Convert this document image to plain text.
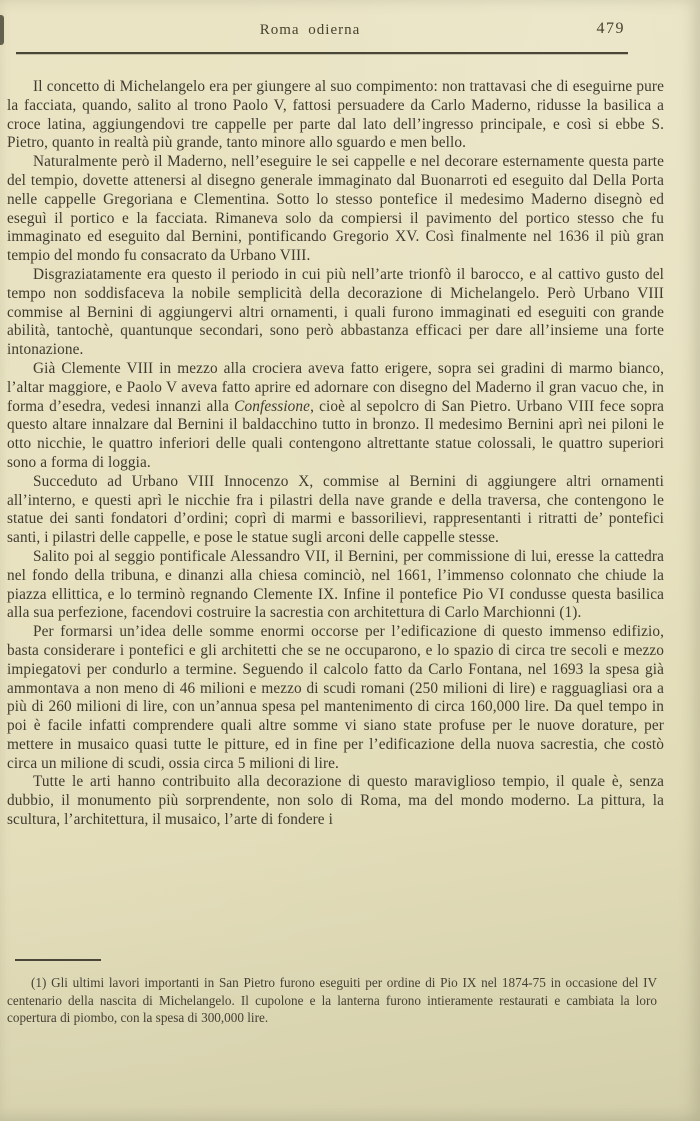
Roma odierna	479

Il concetto di Michelangelo era per giungere al suo compimento: non trattavasi che di eseguirne pure la facciata, quando, salito al trono Paolo V, fattosi persuadere da Carlo Maderno, ridusse la basilica a croce latina, aggiungendovi tre cappelle per parte dal lato dell’ingresso principale, e così si ebbe S. Pietro, quanto in realtà più grande, tanto minore allo sguardo e men bello.

Naturalmente però il Maderno, nell’eseguire le sei cappelle e nel decorare esternamente questa parte del tempio, dovette attenersi al disegno generale immaginato dal Buonarroti ed eseguito dal Della Porta nelle cappelle Gregoriana e Clementina. Sotto lo stesso pontefice il medesimo Maderno disegnò ed eseguì il portico e la facciata. Rimaneva solo da compiersi il pavimento del portico stesso che fu immaginato ed eseguito dal Bernini, pontificando Gregorio XV. Così finalmente nel 1636 il più gran tempio del mondo fu consacrato da Urbano VIII.

Disgraziatamente era questo il periodo in cui più nell’arte trionfò il barocco, e al cattivo gusto del tempo non soddisfaceva la nobile semplicità della decorazione di Michelangelo. Però Urbano VIII commise al Bernini di aggiungervi altri ornamenti, i quali furono immaginati ed eseguiti con grande abilità, tantochè, quantunque secondari, sono però abbastanza efficaci per dare all’insieme una forte intonazione.

Già Clemente VIII in mezzo alla crociera aveva fatto erigere, sopra sei gradini di marmo bianco, l’altar maggiore, e Paolo V aveva fatto aprire ed adornare con disegno del Maderno il gran vacuo che, in forma d’esedra, vedesi innanzi alla Confessione, cioè al sepolcro di San Pietro. Urbano VIII fece sopra questo altare innalzare dal Bernini il baldacchino tutto in bronzo. Il medesimo Bernini aprì nei piloni le otto nicchie, le quattro inferiori delle quali contengono altrettante statue colossali, le quattro superiori sono a forma di loggia.

Succeduto ad Urbano VIII Innocenzo X, commise al Bernini di aggiungere altri ornamenti all’interno, e questi aprì le nicchie fra i pilastri della nave grande e della traversa, che contengono le statue dei santi fondatori d’ordini; coprì di marmi e bassorilievi, rappresentanti i ritratti de’ pontefici santi, i pilastri delle cappelle, e pose le statue sugli arconi delle cappelle stesse.

Salito poi al seggio pontificale Alessandro VII, il Bernini, per commissione di lui, eresse la cattedra nel fondo della tribuna, e dinanzi alla chiesa cominciò, nel 1661, l’immenso colonnato che chiude la piazza ellittica, e lo terminò regnando Clemente IX. Infine il pontefice Pio VI condusse questa basilica alla sua perfezione, facendovi costruire la sacrestia con architettura di Carlo Marchionni (1).

Per formarsi un’idea delle somme enormi occorse per l’edificazione di questo immenso edifizio, basta considerare i pontefici e gli architetti che se ne occuparono, e lo spazio di circa tre secoli e mezzo impiegatovi per condurlo a termine. Seguendo il calcolo fatto da Carlo Fontana, nel 1693 la spesa già ammontava a non meno di 46 milioni e mezzo di scudi romani (250 milioni di lire) e ragguagliasi ora a più di 260 milioni di lire, con un’annua spesa pel mantenimento di circa 160,000 lire. Da quel tempo in poi è facile infatti comprendere quali altre somme vi siano state profuse per le nuove dorature, per mettere in musaico quasi tutte le pitture, ed in fine per l’edificazione della nuova sacrestia, che costò circa un milione di scudi, ossia circa 5 milioni di lire.

Tutte le arti hanno contribuito alla decorazione di questo maraviglioso tempio, il quale è, senza dubbio, il monumento più sorprendente, non solo di Roma, ma del mondo moderno. La pittura, la scultura, l’architettura, il musaico, l’arte di fondere i

(1) Gli ultimi lavori importanti in San Pietro furono eseguiti per ordine di Pio IX nel 1874-75 in occasione del IV centenario della nascita di Michelangelo. Il cupolone e la lanterna furono intieramente restaurati e cambiata la loro copertura di piombo, con la spesa di 300,000 lire.
